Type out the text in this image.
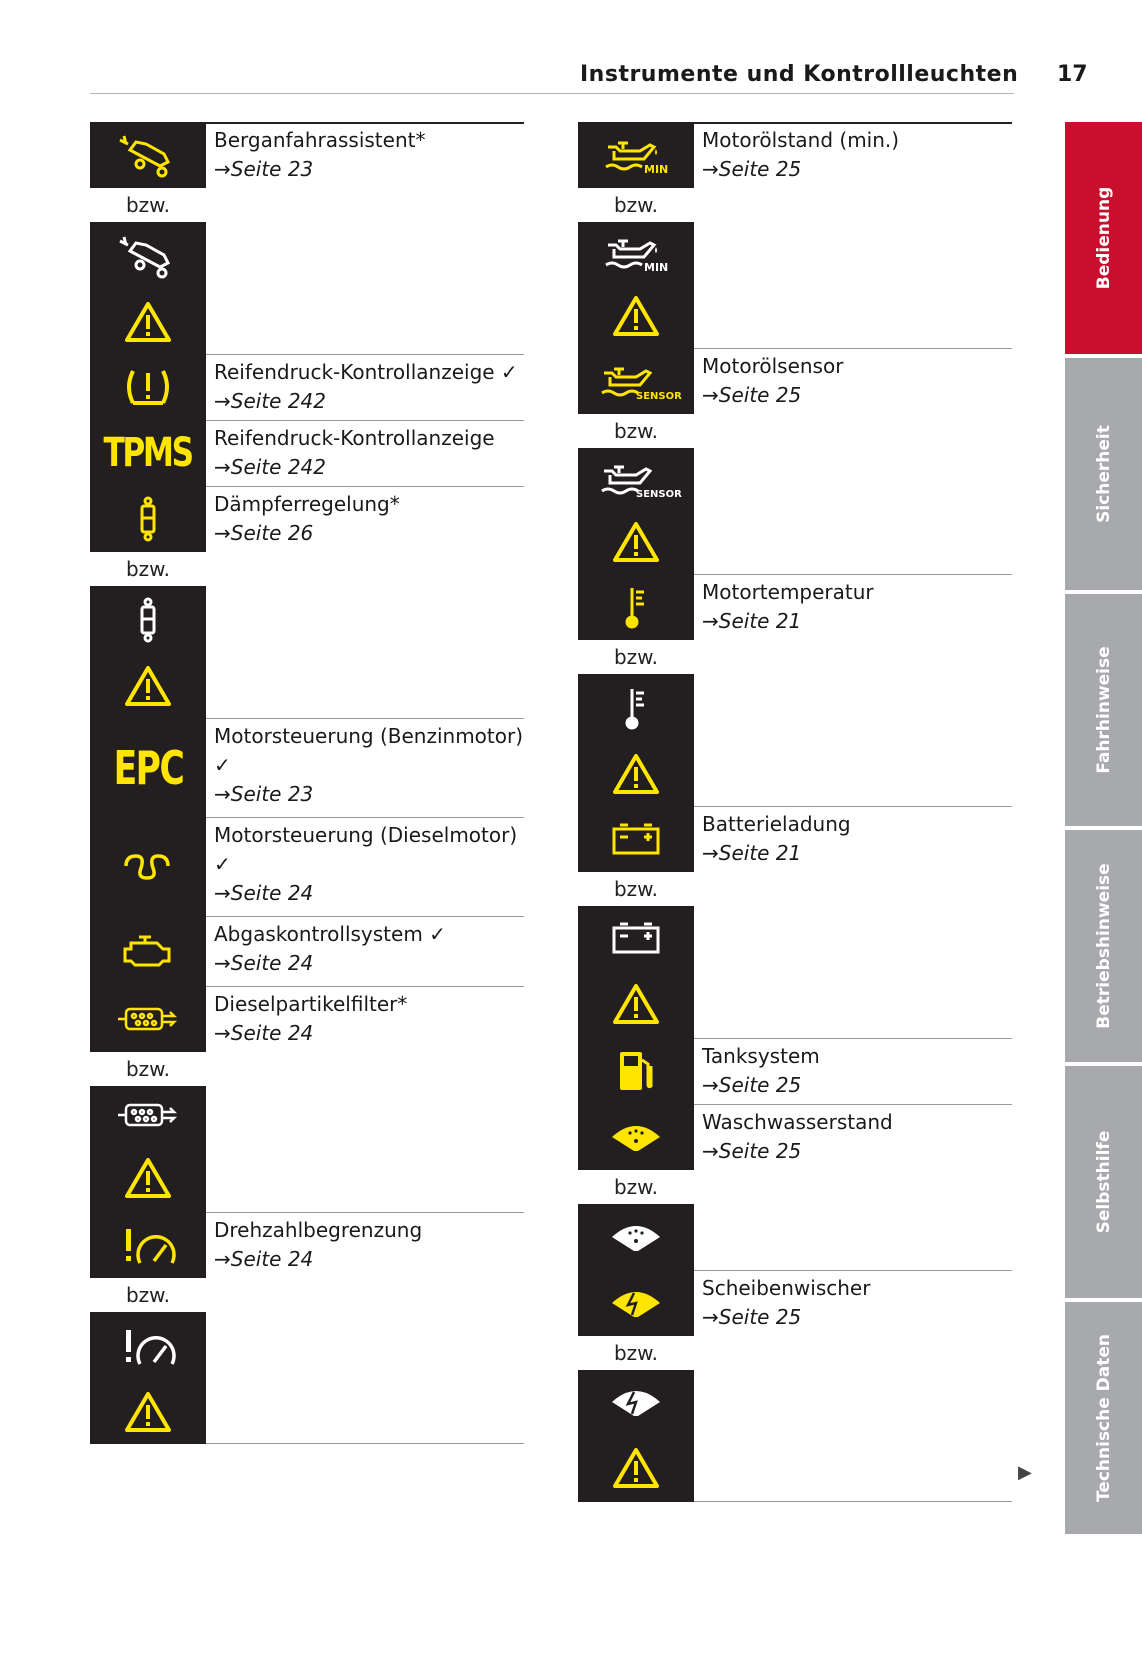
Instrumente und Kontrollleuchten 17
bzw.
Berganfahrassistent*
→Seite 23
Reifendruck-Kontrollanzeige ✓
→Seite 242
TPMS Reifendruck-Kontrollanzeige
→Seite 242
bzw.
Dämpferregelung*
→Seite 26
EPC
Motorsteuerung (Benzinmotor)
✓
→Seite 23
Motorsteuerung (Dieselmotor)
✓
→Seite 24
Abgaskontrollsystem ✓
→Seite 24
bzw.
Dieselpartikelfilter*
→Seite 24
bzw.
Drehzahlbegrenzung
→Seite 24
MIN
bzw.
MIN
Motorölstand (min.)
→Seite 25
SENSOR
bzw.
SENSOR
Motorölsensor
→Seite 25
bzw.
Motortemperatur
→Seite 21
bzw.
Batterieladung
→Seite 21
Tanksystem
→Seite 25
bzw.
Waschwasserstand
→Seite 25
bzw.
Scheibenwischer
→Seite 25
Bedienung
Sicherheit
Fahrhinweise
Betriebshinweise
Selbsthilfe
Technische Daten
▶
